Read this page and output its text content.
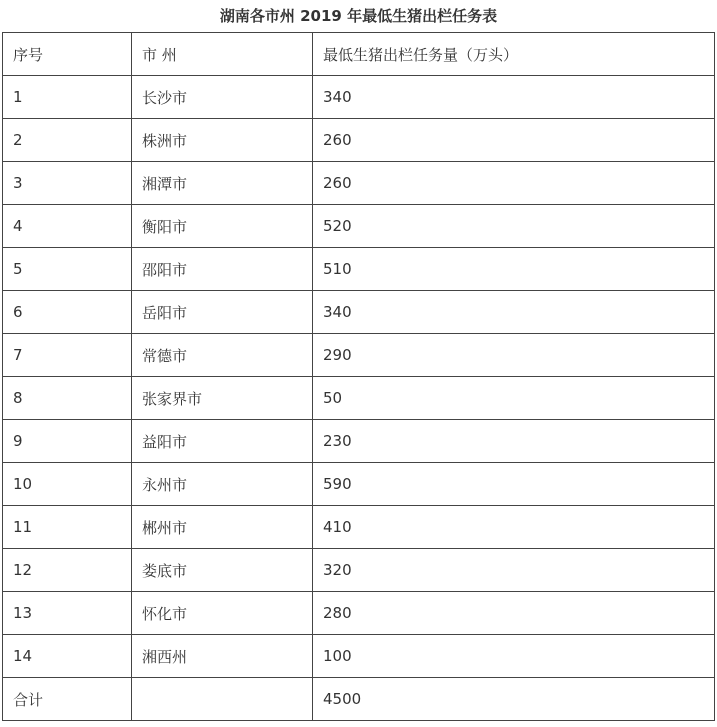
湖南各市州 2019 年最低生猪出栏任务表
序号	市 州	最低生猪出栏任务量（万头）
1	长沙市	340
2	株洲市	260
3	湘潭市	260
4	衡阳市	520
5	邵阳市	510
6	岳阳市	340
7	常德市	290
8	张家界市	50
9	益阳市	230
10	永州市	590
11	郴州市	410
12	娄底市	320
13	怀化市	280
14	湘西州	100
合计		4500
